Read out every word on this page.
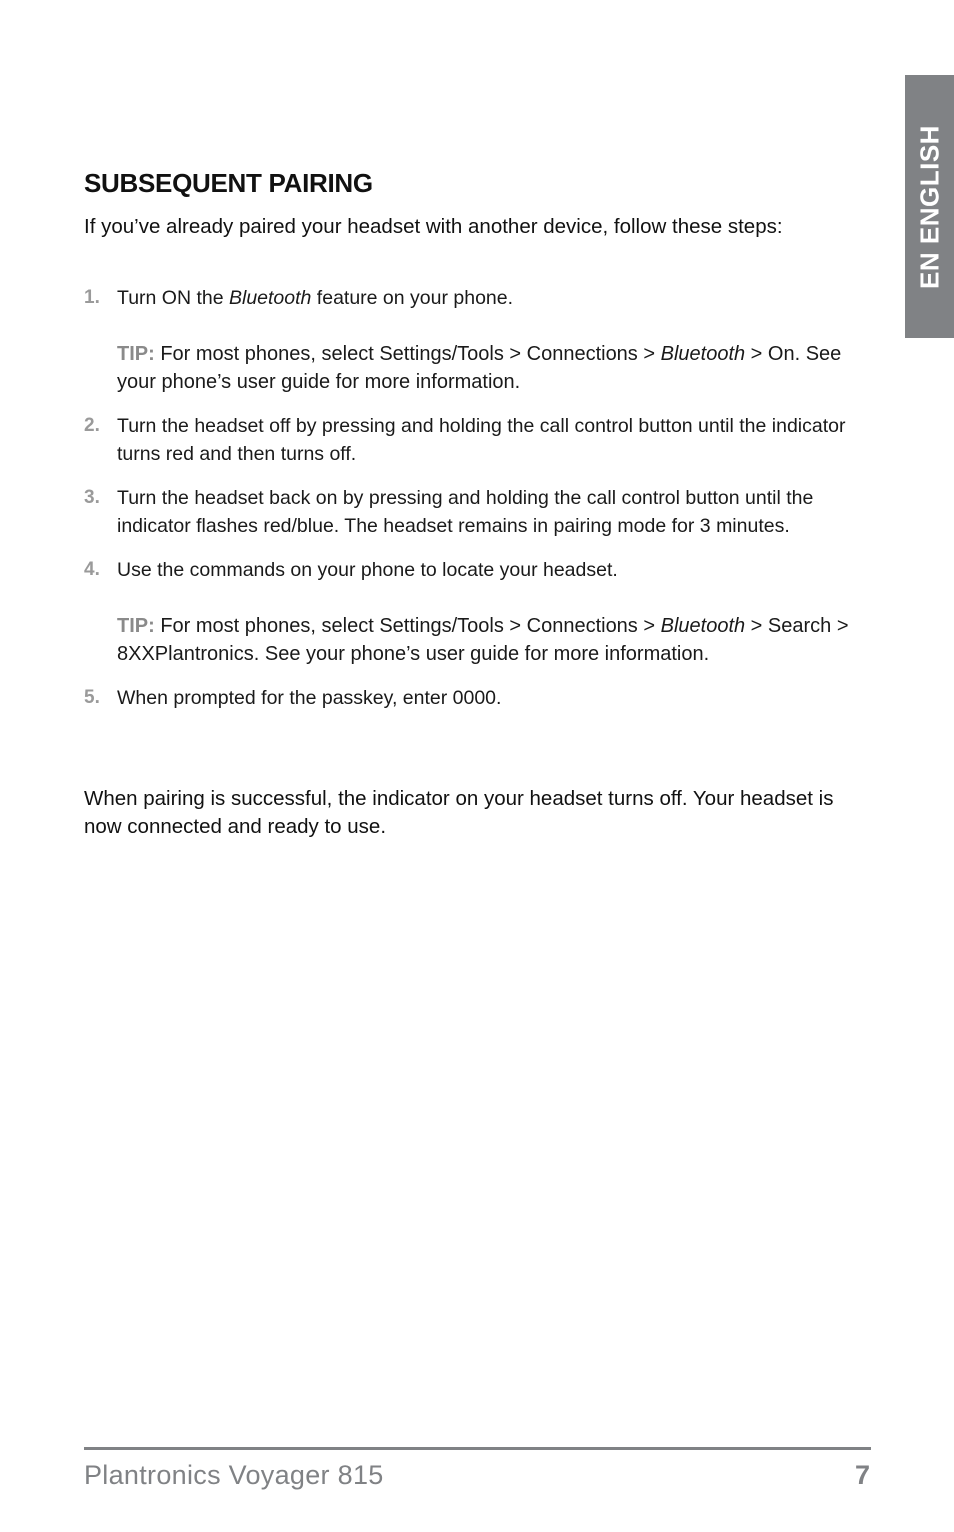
EN ENGLISH
SUBSEQUENT PAIRING

If you’ve already paired your headset with another device, follow these steps:

1. Turn ON the Bluetooth feature on your phone.
TIP: For most phones, select Settings/Tools > Connections > Bluetooth > On. See your phone’s user guide for more information.
2. Turn the headset off by pressing and holding the call control button until the indicator turns red and then turns off.
3. Turn the headset back on by pressing and holding the call control button until the indicator flashes red/blue. The headset remains in pairing mode for 3 minutes.
4. Use the commands on your phone to locate your headset.
TIP: For most phones, select Settings/Tools > Connections > Bluetooth > Search > 8XXPlantronics. See your phone’s user guide for more information.
5. When prompted for the passkey, enter 0000.

When pairing is successful, the indicator on your headset turns off. Your headset is now connected and ready to use.

Plantronics Voyager 815	7
